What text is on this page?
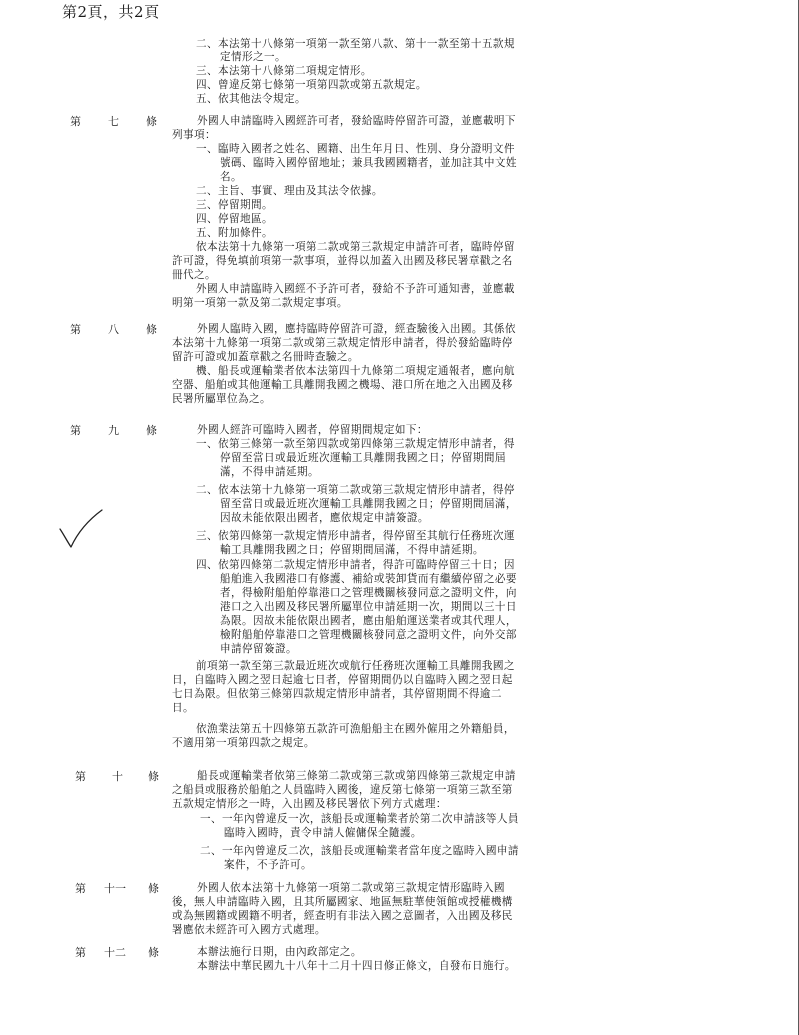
第2頁，共2頁
二、本法第十八條第一項第一款至第八款、第十一款至第十五款規
定情形之一。
三、本法第十八條第二項規定情形。
四、曾違反第七條第一項第四款或第五款規定。
五、依其他法令規定。
第 七 條	外國人申請臨時入國經許可者，發給臨時停留許可證，並應載明下
列事項：
一、臨時入國者之姓名、國籍、出生年月日、性別、身分證明文件
號碼、臨時入國停留地址；兼具我國國籍者，並加註其中文姓
名。
二、主旨、事實、理由及其法令依據。
三、停留期間。
四、停留地區。
五、附加條件。
依本法第十九條第一項第二款或第三款規定申請許可者，臨時停留
許可證，得免填前項第一款事項，並得以加蓋入出國及移民署章戳之名
冊代之。
外國人申請臨時入國經不予許可者，發給不予許可通知書，並應載
明第一項第一款及第二款規定事項。
第 八 條	外國人臨時入國，應持臨時停留許可證，經查驗後入出國。其係依
本法第十九條第一項第二款或第三款規定情形申請者，得於發給臨時停
留許可證或加蓋章戳之名冊時查驗之。
機、船長或運輸業者依本法第四十九條第二項規定通報者，應向航
空器、船舶或其他運輸工具離開我國之機場、港口所在地之入出國及移
民署所屬單位為之。
第 九 條	外國人經許可臨時入國者，停留期間規定如下：
一、依第三條第一款至第四款或第四條第三款規定情形申請者，得
停留至當日或最近班次運輸工具離開我國之日；停留期間屆
滿，不得申請延期。
二、依本法第十九條第一項第二款或第三款規定情形申請者，得停
留至當日或最近班次運輸工具離開我國之日；停留期間屆滿，
因故未能依限出國者，應依規定申請簽證。
三、依第四條第一款規定情形申請者，得停留至其航行任務班次運
輸工具離開我國之日；停留期間屆滿，不得申請延期。
四、依第四條第二款規定情形申請者，得許可臨時停留三十日；因
船舶進入我國港口有修護、補給或裝卸貨而有繼續停留之必要
者，得檢附船舶停靠港口之管理機關核發同意之證明文件，向
港口之入出國及移民署所屬單位申請延期一次，期間以三十日
為限。因故未能依限出國者，應由船舶運送業者或其代理人，
檢附船舶停靠港口之管理機關核發同意之證明文件，向外交部
申請停留簽證。
前項第一款至第三款最近班次或航行任務班次運輸工具離開我國之
日，自臨時入國之翌日起逾七日者，停留期間仍以自臨時入國之翌日起
七日為限。但依第三條第四款規定情形申請者，其停留期間不得逾二
日。
依漁業法第五十四條第五款許可漁船船主在國外僱用之外籍船員，
不適用第一項第四款之規定。
第 十 條	船長或運輸業者依第三條第二款或第三款或第四條第三款規定申請
之船員或服務於船舶之人員臨時入國後，違反第七條第一項第三款至第
五款規定情形之一時，入出國及移民署依下列方式處理：
一、一年內曾違反一次，該船長或運輸業者於第二次申請該等人員
臨時入國時，責令申請人僱傭保全隨護。
二、一年內曾違反二次，該船長或運輸業者當年度之臨時入國申請
案件，不予許可。
第 十一 條	外國人依本法第十九條第一項第二款或第三款規定情形臨時入國
後，無人申請臨時入國，且其所屬國家、地區無駐華使領館或授權機構
或為無國籍或國籍不明者，經查明有非法入國之意圖者，入出國及移民
署應依未經許可入國方式處理。
第 十二 條	本辦法施行日期，由內政部定之。
本辦法中華民國九十八年十二月十四日修正條文，自發布日施行。
